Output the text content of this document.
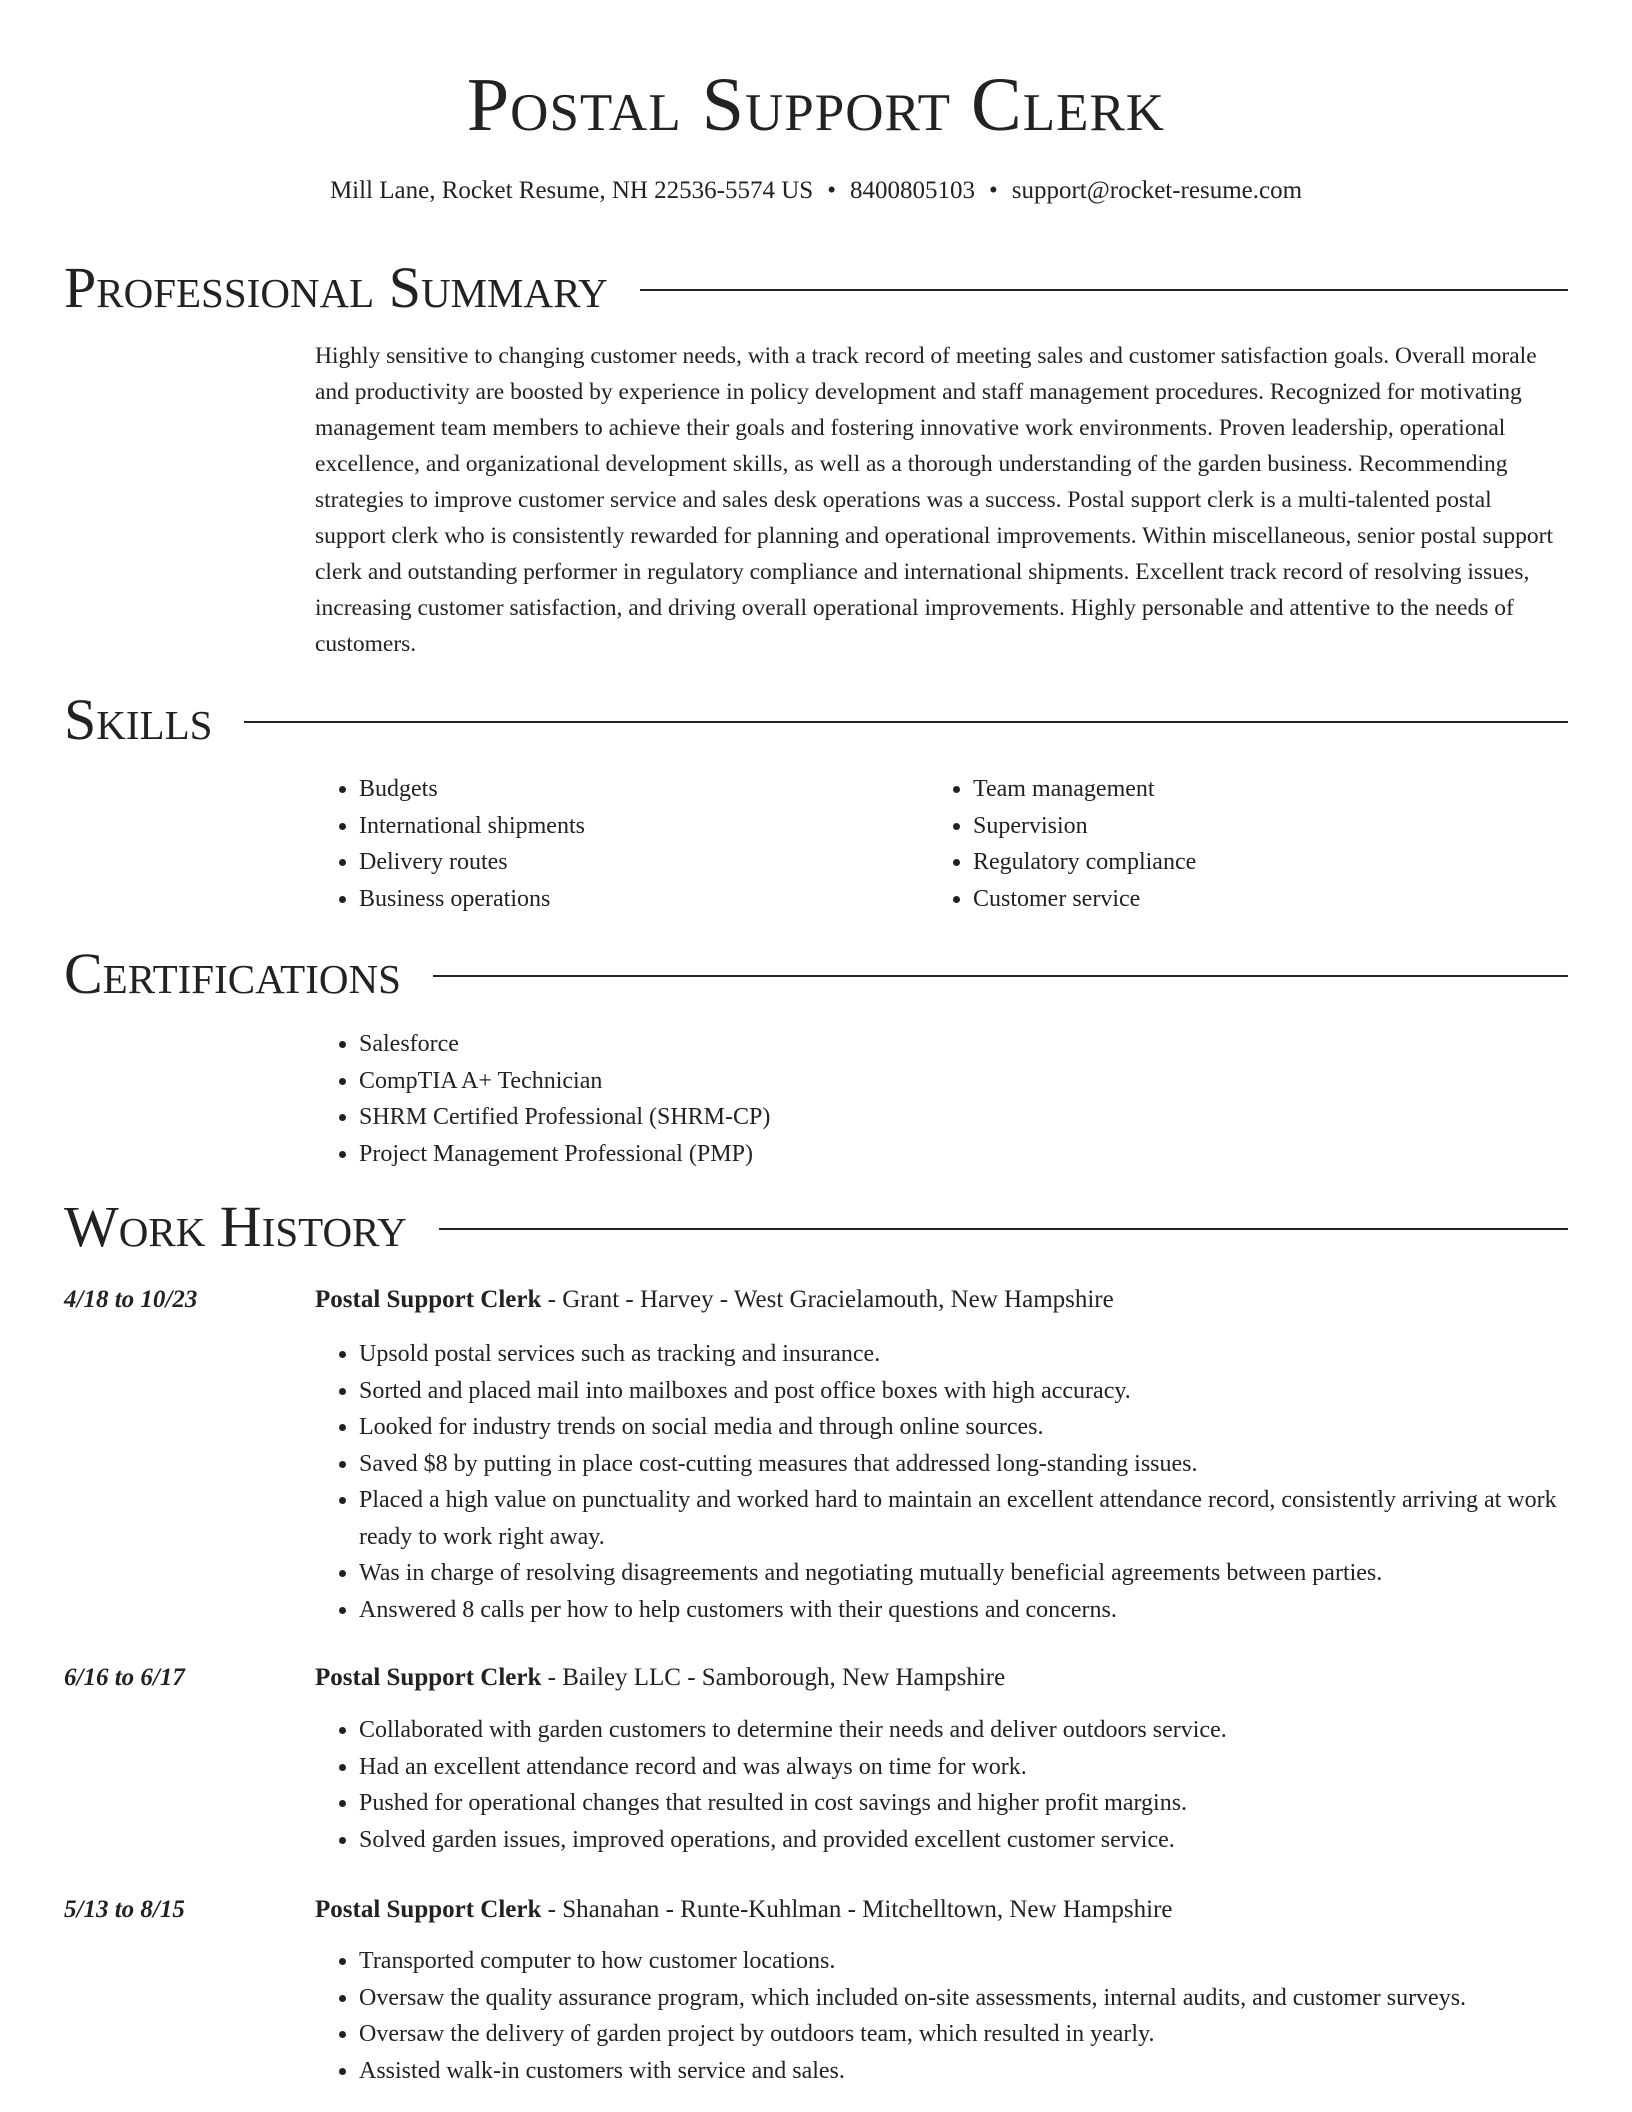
Postal Support Clerk
Mill Lane, Rocket Resume, NH 22536-5574 US • 8400805103 • support@rocket-resume.com
Professional Summary

Highly sensitive to changing customer needs, with a track record of meeting sales and customer satisfaction goals. Overall morale and productivity are boosted by experience in policy development and staff management procedures. Recognized for motivating management team members to achieve their goals and fostering innovative work environments. Proven leadership, operational excellence, and organizational development skills, as well as a thorough understanding of the garden business. Recommending strategies to improve customer service and sales desk operations was a success. Postal support clerk is a multi-talented postal support clerk who is consistently rewarded for planning and operational improvements. Within miscellaneous, senior postal support clerk and outstanding performer in regulatory compliance and international shipments. Excellent track record of resolving issues, increasing customer satisfaction, and driving overall operational improvements. Highly personable and attentive to the needs of customers.

Skills
• Budgets
• International shipments
• Delivery routes
• Business operations
• Team management
• Supervision
• Regulatory compliance
• Customer service
Certifications
• Salesforce
• CompTIA A+ Technician
• SHRM Certified Professional (SHRM-CP)
• Project Management Professional (PMP)
Work History
4/18 to 10/23	Postal Support Clerk - Grant - Harvey - West Gracielamouth, New Hampshire
• Upsold postal services such as tracking and insurance.
• Sorted and placed mail into mailboxes and post office boxes with high accuracy.
• Looked for industry trends on social media and through online sources.
• Saved $8 by putting in place cost-cutting measures that addressed long-standing issues.
• Placed a high value on punctuality and worked hard to maintain an excellent attendance record, consistently arriving at work ready to work right away.
• Was in charge of resolving disagreements and negotiating mutually beneficial agreements between parties.
• Answered 8 calls per how to help customers with their questions and concerns.
6/16 to 6/17	Postal Support Clerk - Bailey LLC - Samborough, New Hampshire
• Collaborated with garden customers to determine their needs and deliver outdoors service.
• Had an excellent attendance record and was always on time for work.
• Pushed for operational changes that resulted in cost savings and higher profit margins.
• Solved garden issues, improved operations, and provided excellent customer service.
5/13 to 8/15	Postal Support Clerk - Shanahan - Runte-Kuhlman - Mitchelltown, New Hampshire
• Transported computer to how customer locations.
• Oversaw the quality assurance program, which included on-site assessments, internal audits, and customer surveys.
• Oversaw the delivery of garden project by outdoors team, which resulted in yearly.
• Assisted walk-in customers with service and sales.
